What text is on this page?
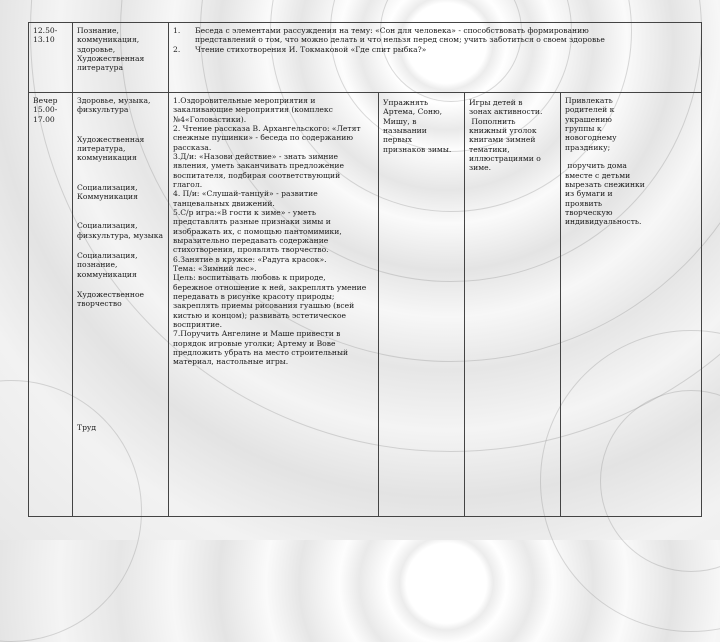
12.50-
13.10

Познание,
коммуникация,
здоровье,
Художественная
литература

1.	Беседа с элементами рассуждения на тему: «Сон для человека» - способствовать формированию
представлений о том, что можно делать и что нельзя перед сном; учить заботиться о своем здоровье
2.	Чтение стихотворения И. Токмаковой «Где спит рыбка?»

Вечер
15.00-
17.00

Здоровье, музыка,
физкультура

Художественная
литература,
коммуникация

Социализация,
Коммуникация

Социализация,
физкультура, музыка

Социализация,
познание,
коммуникация

Художественное
творчество

Труд

1.Оздоровительные мероприятия и
закаливающие мероприятия (комплекс
№4«Головастики).
2. Чтение рассказа В. Архангельского: «Летят
снежные пушинки» - беседа по содержанию
рассказа.
3.Д/и: «Назови действие» - знать зимние
явления, уметь заканчивать предложение
воспитателя, подбирая соответствующий
глагол.
4. П/и: «Слушай-танцуй» - развитие
танцевальных движений.
5.С/р игра:«В гости к зиме» - уметь
представлять разные признаки зимы и
изображать их, с помощью пантомимики,
выразительно передавать содержание
стихотворения, проявлять творчество.
6.Занятие в кружке: «Радуга красок».
Тема: «Зимний лес».
Цель: воспитывать любовь к природе,
бережное отношение к ней, закреплять умение
передавать в рисунке красоту природы;
закреплять приемы рисования гуашью (всей
кистью и концом); развивать эстетическое
восприятие.
7.Поручить Ангелине и Маше привести в
порядок игровые уголки; Артему и Вове
предложить убрать на место строительный
материал, настольные игры.

Упражнять
Артема, Соню,
Мишу, в
назывании
первых
признаков зимы.

Игры детей в
зонах активности.
Пополнить
книжный уголок
книгами зимней
тематики,
иллюстрациями о
зиме.

Привлекать
родителей к
украшению
группы к
новогоднему
празднику;

поручить дома
вместе с детьми
вырезать снежинки
из бумаги и
проявить
творческую
индивидуальность.
